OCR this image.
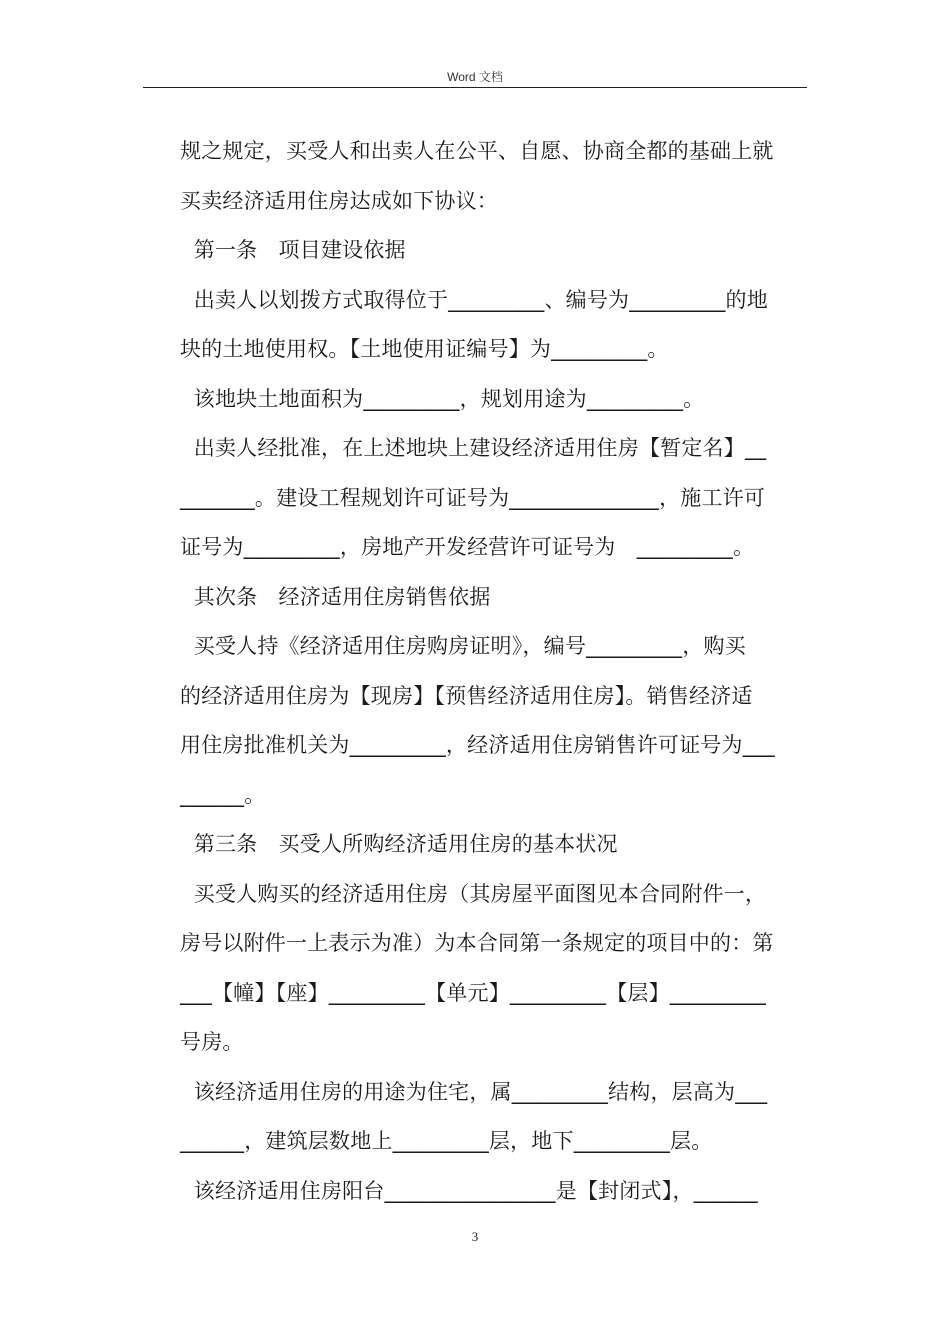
Word 文档
规之规定，买受人和出卖人在公平、自愿、协商全都的基础上就
买卖经济适用住房达成如下协议：
第一条　项目建设依据
出卖人以划拨方式取得位于_________、编号为_________的地
块的土地使用权。【土地使用证编号】为_________。
该地块土地面积为_________，规划用途为_________。
出卖人经批准，在上述地块上建设经济适用住房【暂定名】__
_______。建设工程规划许可证号为______________，施工许可
证号为_________，房地产开发经营许可证号为　_________。
其次条　经济适用住房销售依据
买受人持《经济适用住房购房证明》，编号_________，购买
的经济适用住房为【现房】【预售经济适用住房】。销售经济适
用住房批准机关为_________，经济适用住房销售许可证号为___
______。
第三条　买受人所购经济适用住房的基本状况
买受人购买的经济适用住房（其房屋平面图见本合同附件一，
房号以附件一上表示为准）为本合同第一条规定的项目中的：第
___【幢】【座】_________【单元】_________【层】_________
号房。
该经济适用住房的用途为住宅，属_________结构，层高为___
______，建筑层数地上_________层，地下_________层。
该经济适用住房阳台________________是【封闭式】，______
3
